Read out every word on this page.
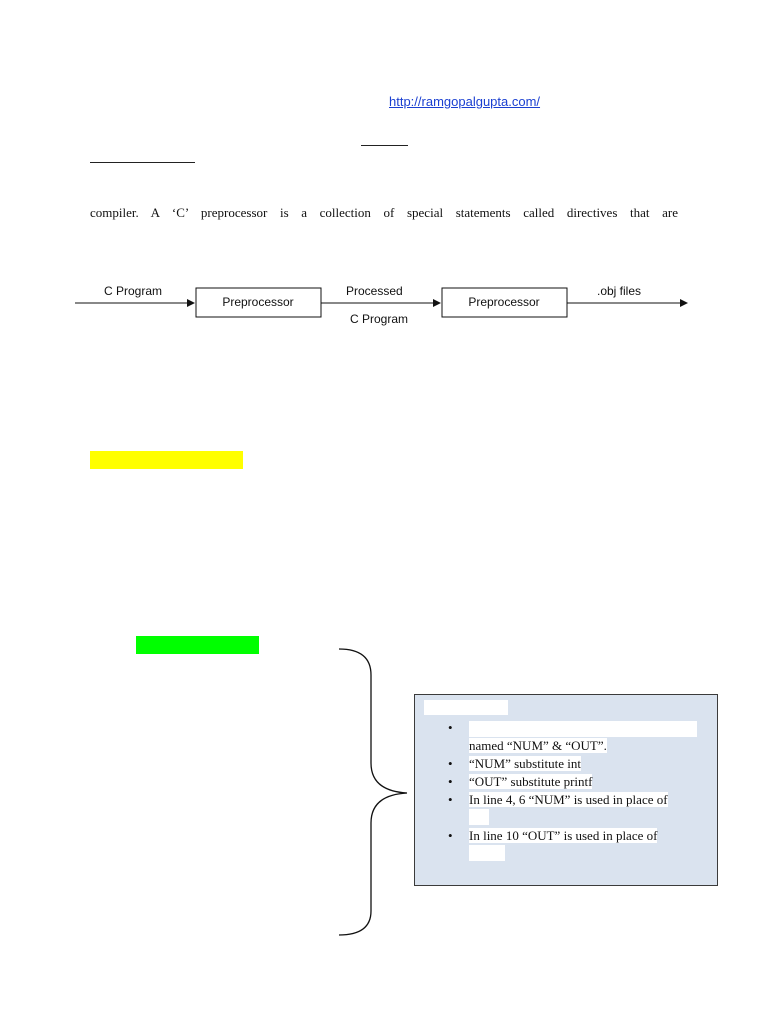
http://ramgopalgupta.com/
compiler. A ‘C’ preprocessor is a collection of special statements called directives that are
C Program
Preprocessor
Processed
C Program
Preprocessor
.obj files
•
named “NUM” & “OUT”.
• “NUM” substitute int
• “OUT” substitute printf
• In line 4, 6 “NUM” is used in place of
• In line 10 “OUT” is used in place of
